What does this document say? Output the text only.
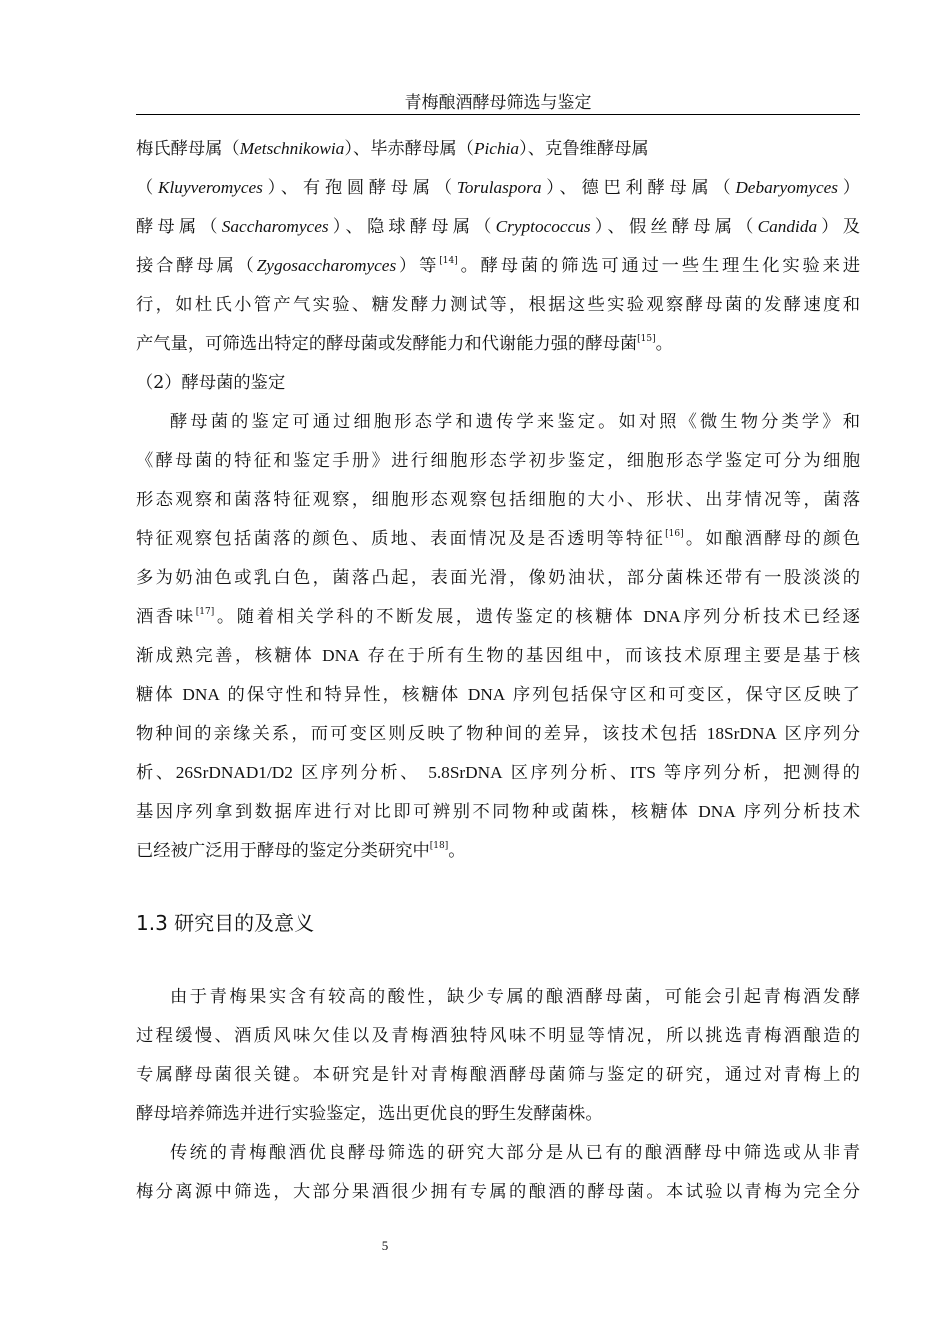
青梅酿酒酵母筛选与鉴定
梅氏酵母属（Metschnikowia）、毕赤酵母属（Pichia）、克鲁维酵母属
（Kluyveromyces）、有孢圆酵母属（Torulaspora）、德巴利酵母属（Debaryomyces）
酵母属（Saccharomyces）、隐球酵母属（Cryptococcus）、假丝酵母属（Candida）及
接合酵母属（Zygosaccharomyces）等[14]。酵母菌的筛选可通过一些生理生化实验来进
行，如杜氏小管产气实验、糖发酵力测试等，根据这些实验观察酵母菌的发酵速度和
产气量，可筛选出特定的酵母菌或发酵能力和代谢能力强的酵母菌[15]。
（2）酵母菌的鉴定
酵母菌的鉴定可通过细胞形态学和遗传学来鉴定。如对照《微生物分类学》和
《酵母菌的特征和鉴定手册》进行细胞形态学初步鉴定，细胞形态学鉴定可分为细胞
形态观察和菌落特征观察，细胞形态观察包括细胞的大小、形状、出芽情况等，菌落
特征观察包括菌落的颜色、质地、表面情况及是否透明等特征[16]。如酿酒酵母的颜色
多为奶油色或乳白色，菌落凸起，表面光滑，像奶油状，部分菌株还带有一股淡淡的
酒香味[17]。随着相关学科的不断发展，遗传鉴定的核糖体 DNA序列分析技术已经逐
渐成熟完善，核糖体 DNA 存在于所有生物的基因组中，而该技术原理主要是基于核
糖体 DNA 的保守性和特异性，核糖体 DNA 序列包括保守区和可变区，保守区反映了
物种间的亲缘关系，而可变区则反映了物种间的差异，该技术包括 18SrDNA 区序列分
析、26SrDNAD1/D2 区序列分析、 5.8SrDNA 区序列分析、ITS 等序列分析，把测得的
基因序列拿到数据库进行对比即可辨别不同物种或菌株，核糖体 DNA 序列分析技术
已经被广泛用于酵母的鉴定分类研究中[18]。
1.3 研究目的及意义
由于青梅果实含有较高的酸性，缺少专属的酿酒酵母菌，可能会引起青梅酒发酵
过程缓慢、酒质风味欠佳以及青梅酒独特风味不明显等情况，所以挑选青梅酒酿造的
专属酵母菌很关键。本研究是针对青梅酿酒酵母菌筛与鉴定的研究，通过对青梅上的
酵母培养筛选并进行实验鉴定，选出更优良的野生发酵菌株。
传统的青梅酿酒优良酵母筛选的研究大部分是从已有的酿酒酵母中筛选或从非青
梅分离源中筛选，大部分果酒很少拥有专属的酿酒的酵母菌。本试验以青梅为完全分
5
